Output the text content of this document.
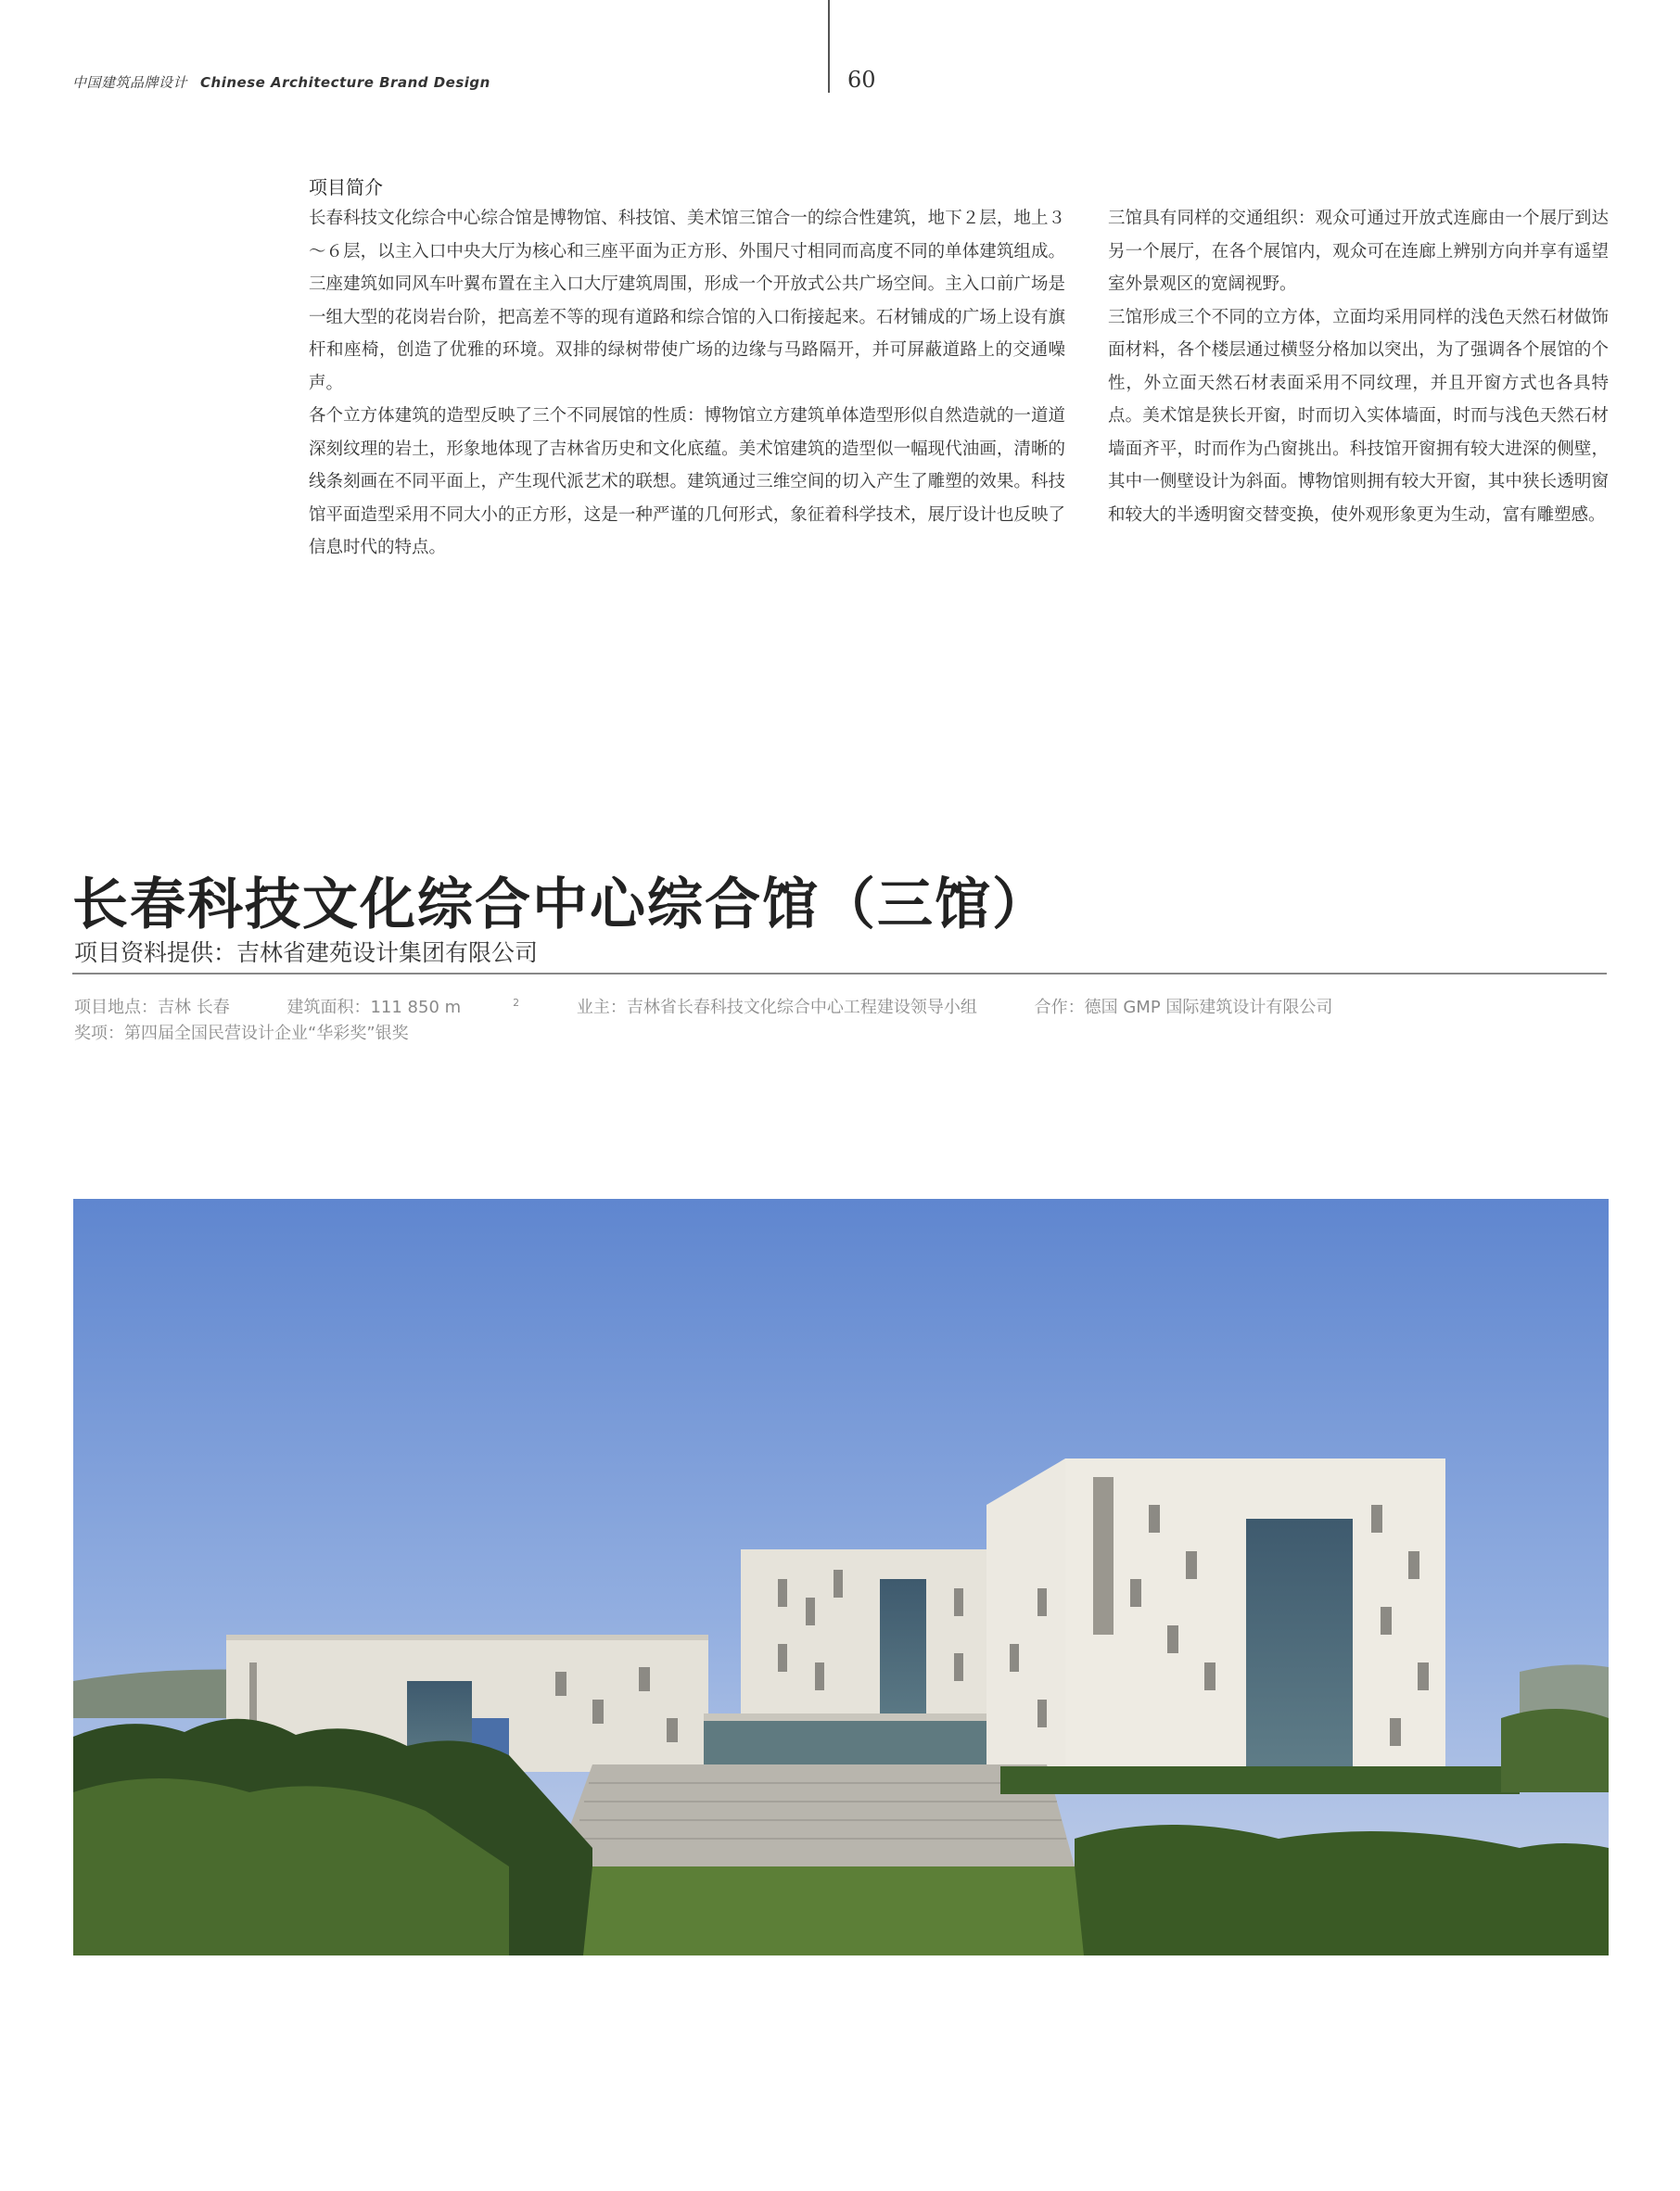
中国建筑品牌设计 Chinese Architecture Brand Design	60
项目简介

长春科技文化综合中心综合馆是博物馆、科技馆、美术馆三馆合一的综合性建筑，地下２层，地上３～６层，以主入口中央大厅为核心和三座平面为正方形、外围尺寸相同而高度不同的单体建筑组成。三座建筑如同风车叶翼布置在主入口大厅建筑周围，形成一个开放式公共广场空间。主入口前广场是一组大型的花岗岩台阶，把高差不等的现有道路和综合馆的入口衔接起来。石材铺成的广场上设有旗杆和座椅，创造了优雅的环境。双排的绿树带使广场的边缘与马路隔开，并可屏蔽道路上的交通噪声。

各个立方体建筑的造型反映了三个不同展馆的性质：博物馆立方建筑单体造型形似自然造就的一道道深刻纹理的岩土，形象地体现了吉林省历史和文化底蕴。美术馆建筑的造型似一幅现代油画，清晰的线条刻画在不同平面上，产生现代派艺术的联想。建筑通过三维空间的切入产生了雕塑的效果。科技馆平面造型采用不同大小的正方形，这是一种严谨的几何形式，象征着科学技术，展厅设计也反映了信息时代的特点。

三馆具有同样的交通组织：观众可通过开放式连廊由一个展厅到达另一个展厅，在各个展馆内，观众可在连廊上辨别方向并享有遥望室外景观区的宽阔视野。

三馆形成三个不同的立方体，立面均采用同样的浅色天然石材做饰面材料，各个楼层通过横竖分格加以突出，为了强调各个展馆的个性，外立面天然石材表面采用不同纹理，并且开窗方式也各具特点。美术馆是狭长开窗，时而切入实体墙面，时而与浅色天然石材墙面齐平，时而作为凸窗挑出。科技馆开窗拥有较大进深的侧壁，其中一侧壁设计为斜面。博物馆则拥有较大开窗，其中狭长透明窗和较大的半透明窗交替变换，使外观形象更为生动，富有雕塑感。

长春科技文化综合中心综合馆（三馆）
项目资料提供：吉林省建苑设计集团有限公司
项目地点：吉林 长春	建筑面积：111 850 m	$^2$	业主：吉林省长春科技文化综合中心工程建设领导小组	合作：德国 GMP 国际建筑设计有限公司
奖项：第四届全国民营设计企业“华彩奖”银奖
